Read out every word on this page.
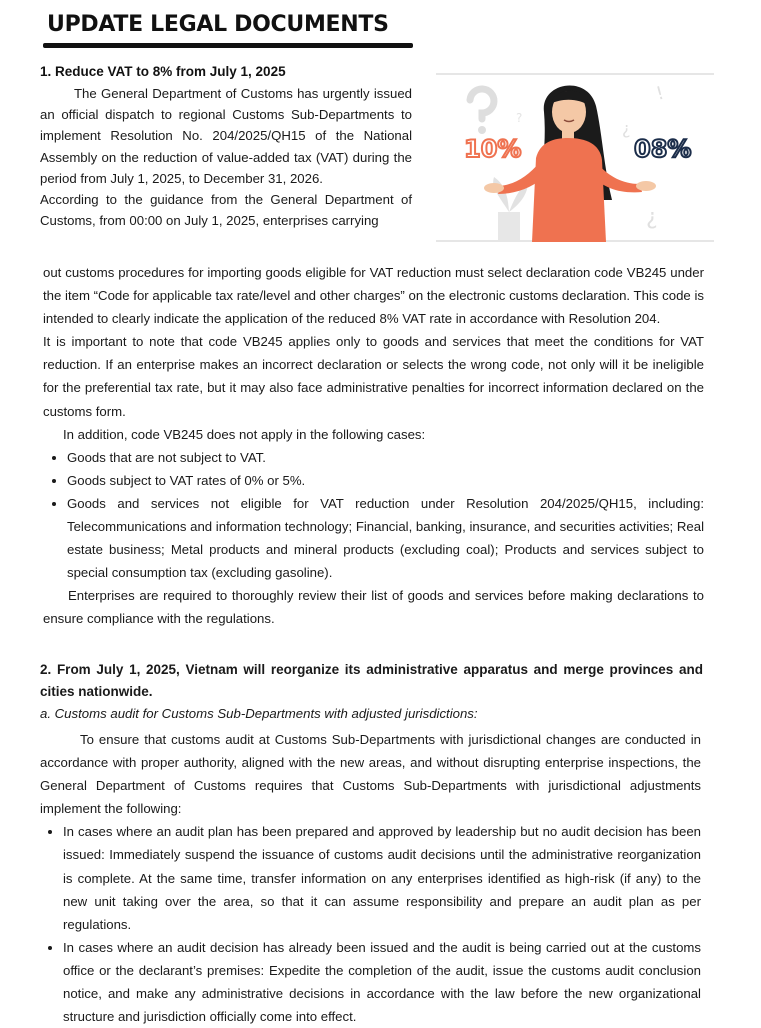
UPDATE LEGAL DOCUMENTS
1. Reduce VAT to 8% from July 1, 2025

The General Department of Customs has urgently issued an official dispatch to regional Customs Sub-Departments to implement Resolution No. 204/2025/QH15 of the National Assembly on the reduction of value-added tax (VAT) during the period from July 1, 2025, to December 31, 2026.

According to the guidance from the General Department of Customs, from 00:00 on July 1, 2025, enterprises carrying

!
¿
¿
?
10%	08%

out customs procedures for importing goods eligible for VAT reduction must select declaration code VB245 under the item “Code for applicable tax rate/level and other charges” on the electronic customs declaration. This code is intended to clearly indicate the application of the reduced 8% VAT rate in accordance with Resolution 204.

It is important to note that code VB245 applies only to goods and services that meet the conditions for VAT reduction. If an enterprise makes an incorrect declaration or selects the wrong code, not only will it be ineligible for the preferential tax rate, but it may also face administrative penalties for incorrect information declared on the customs form.

In addition, code VB245 does not apply in the following cases:

• Goods that are not subject to VAT.
• Goods subject to VAT rates of 0% or 5%.
• Goods and services not eligible for VAT reduction under Resolution 204/2025/QH15, including: Telecommunications and information technology; Financial, banking, insurance, and securities activities; Real estate business; Metal products and mineral products (excluding coal); Products and services subject to special consumption tax (excluding gasoline).

Enterprises are required to thoroughly review their list of goods and services before making declarations to ensure compliance with the regulations.

2. From July 1, 2025, Vietnam will reorganize its administrative apparatus and merge provinces and cities nationwide.

a. Customs audit for Customs Sub-Departments with adjusted jurisdictions:

To ensure that customs audit at Customs Sub-Departments with jurisdictional changes are conducted in accordance with proper authority, aligned with the new areas, and without disrupting enterprise inspections, the General Department of Customs requires that Customs Sub-Departments with jurisdictional adjustments implement the following:

• In cases where an audit plan has been prepared and approved by leadership but no audit decision has been issued: Immediately suspend the issuance of customs audit decisions until the administrative reorganization is complete. At the same time, transfer information on any enterprises identified as high-risk (if any) to the new unit taking over the area, so that it can assume responsibility and prepare an audit plan as per regulations.
• In cases where an audit decision has already been issued and the audit is being carried out at the customs office or the declarant’s premises: Expedite the completion of the audit, issue the customs audit conclusion notice, and make any administrative decisions in accordance with the law before the new organizational structure and jurisdiction officially come into effect.
